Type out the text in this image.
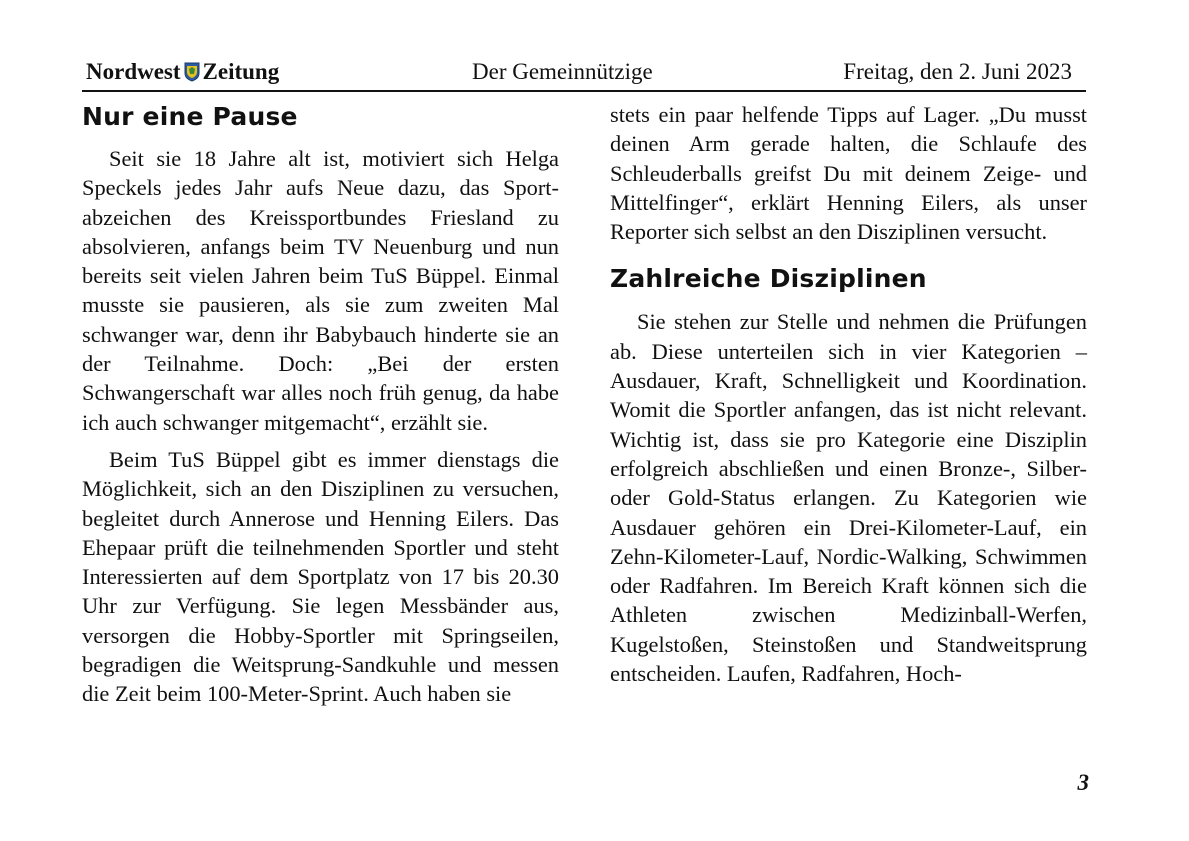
Nordwest Zeitung	Der Gemeinnützige	Freitag, den 2. Juni 2023
Nur eine Pause

Seit sie 18 Jahre alt ist, motiviert sich Helga Speckels jedes Jahr aufs Neue dazu, das Sportabzeichen des Kreissportbundes Friesland zu absolvieren, anfangs beim TV Neuenburg und nun bereits seit vielen Jahren beim TuS Büppel. Einmal musste sie pausieren, als sie zum zweiten Mal schwanger war, denn ihr Babybauch hinderte sie an der Teilnahme. Doch: „Bei der ersten Schwangerschaft war alles noch früh genug, da habe ich auch schwanger mitgemacht“, erzählt sie.

Beim TuS Büppel gibt es immer dienstags die Möglichkeit, sich an den Disziplinen zu versuchen, begleitet durch Annerose und Henning Eilers. Das Ehepaar prüft die teilnehmenden Sportler und steht Interessierten auf dem Sportplatz von 17 bis 20.30 Uhr zur Verfügung. Sie legen Messbänder aus, versorgen die Hobby-Sportler mit Springseilen, begradigen die Weitsprung-Sandkuhle und messen die Zeit beim 100-Meter-Sprint. Auch haben sie

stets ein paar helfende Tipps auf Lager. „Du musst deinen Arm gerade halten, die Schlaufe des Schleuderballs greifst Du mit deinem Zeige- und Mittelfinger“, erklärt Henning Eilers, als unser Reporter sich selbst an den Disziplinen versucht.

Zahlreiche Disziplinen

Sie stehen zur Stelle und nehmen die Prüfungen ab. Diese unterteilen sich in vier Kategorien – Ausdauer, Kraft, Schnelligkeit und Koordination. Womit die Sportler anfangen, das ist nicht relevant. Wichtig ist, dass sie pro Kategorie eine Disziplin erfolgreich abschließen und einen Bronze-, Silber- oder Gold-Status erlangen. Zu Kategorien wie Ausdauer gehören ein Drei-Kilometer-Lauf, ein Zehn-Kilometer-Lauf, Nordic-Walking, Schwimmen oder Radfahren. Im Bereich Kraft können sich die Athleten zwischen Medizinball-Werfen, Kugelstoßen, Steinstoßen und Standweitsprung entscheiden. Laufen, Radfahren, Hoch-

3
